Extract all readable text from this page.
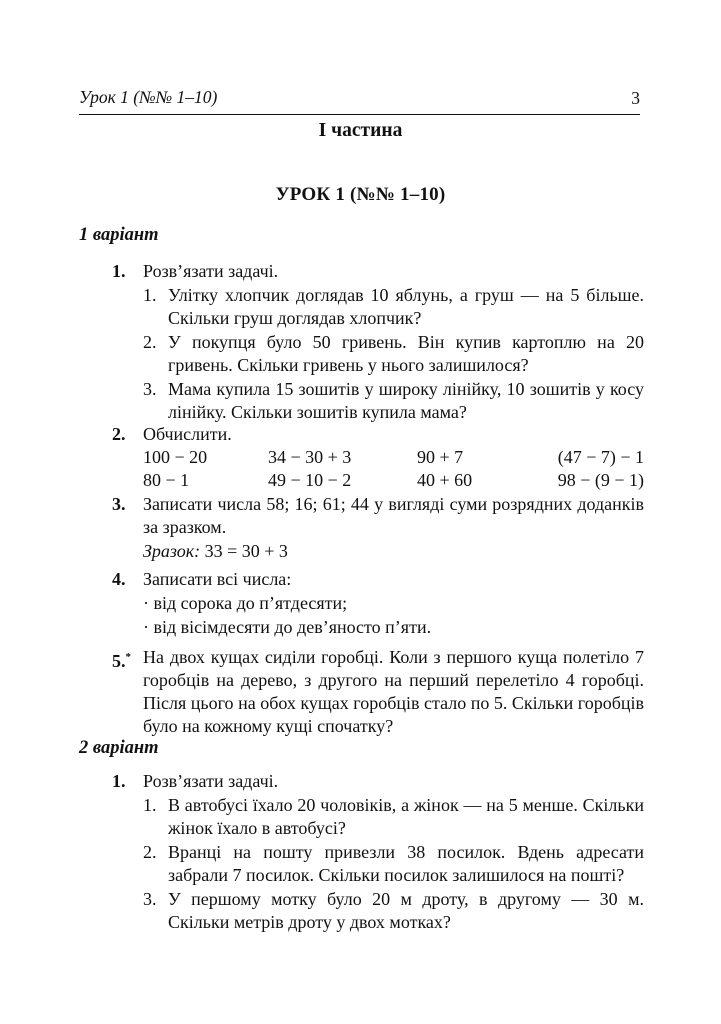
Урок 1 (№№ 1–10)	3
І частина
УРОК 1 (№№ 1–10)
1 варіант
1. Розв’язати задачі.
1. Улітку хлопчик доглядав 10 яблунь, а груш — на 5 більше. Скільки груш доглядав хлопчик?
2. У покупця було 50 гривень. Він купив картоплю на 20 гривень. Скільки гривень у нього залишилося?
3. Мама купила 15 зошитів у широку лінійку, 10 зошитів у косу лінійку. Скільки зошитів купила мама?
2. Обчислити.
100 − 20	34 − 30 + 3	90 + 7	(47 − 7) − 1
80 − 1	49 − 10 − 2	40 + 60	98 − (9 − 1)
3. Записати числа 58; 16; 61; 44 у вигляді суми розрядних доданків за зразком.
Зразок: 33 = 30 + 3
4. Записати всі числа:
· від сорока до п’ятдесяти;
· від вісімдесяти до дев’яносто п’яти.
5.* На двох кущах сиділи горобці. Коли з першого куща полетіло 7 горобців на дерево, з другого на перший перелетіло 4 горобці. Після цього на обох кущах горобців стало по 5. Скільки горобців було на кожному кущі спочатку?
2 варіант
1. Розв’язати задачі.
1. В автобусі їхало 20 чоловіків, а жінок — на 5 менше. Скільки жінок їхало в автобусі?
2. Вранці на пошту привезли 38 посилок. Вдень адресати забрали 7 посилок. Скільки посилок залишилося на пошті?
3. У першому мотку було 20 м дроту, в другому — 30 м. Скільки метрів дроту у двох мотках?
